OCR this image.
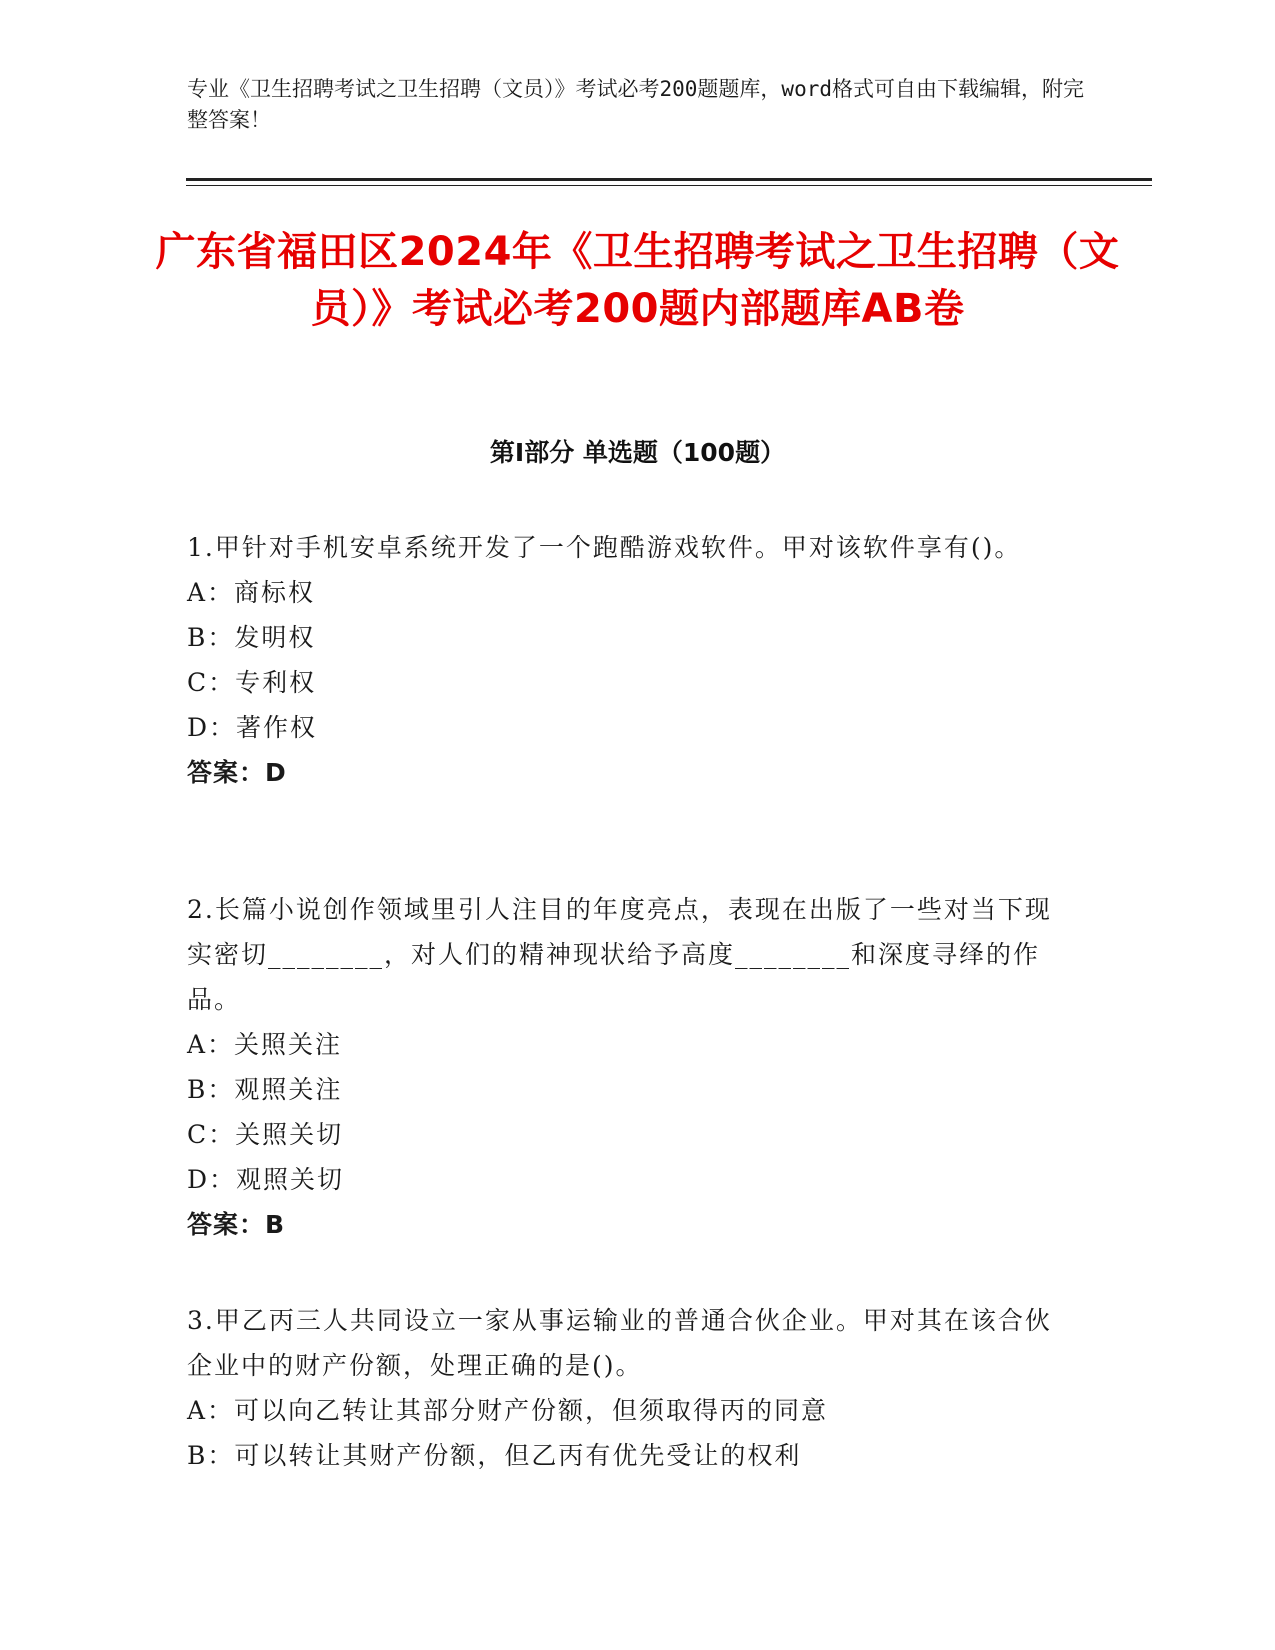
专业《卫生招聘考试之卫生招聘（文员）》考试必考200题题库，word格式可自由下载编辑，附完整答案！
广东省福田区2024年《卫生招聘考试之卫生招聘（文员）》考试必考200题内部题库AB卷
第Ⅰ部分 单选题（100题）

1.甲针对手机安卓系统开发了一个跑酷游戏软件。甲对该软件享有()。

A：商标权

B：发明权

C：专利权

D：著作权

答案：D

2.长篇小说创作领域里引人注目的年度亮点，表现在出版了一些对当下现实密切________，对人们的精神现状给予高度________和深度寻绎的作品。

A：关照关注

B：观照关注

C：关照关切

D：观照关切

答案：B

3.甲乙丙三人共同设立一家从事运输业的普通合伙企业。甲对其在该合伙企业中的财产份额，处理正确的是()。

A：可以向乙转让其部分财产份额，但须取得丙的同意

B：可以转让其财产份额，但乙丙有优先受让的权利
